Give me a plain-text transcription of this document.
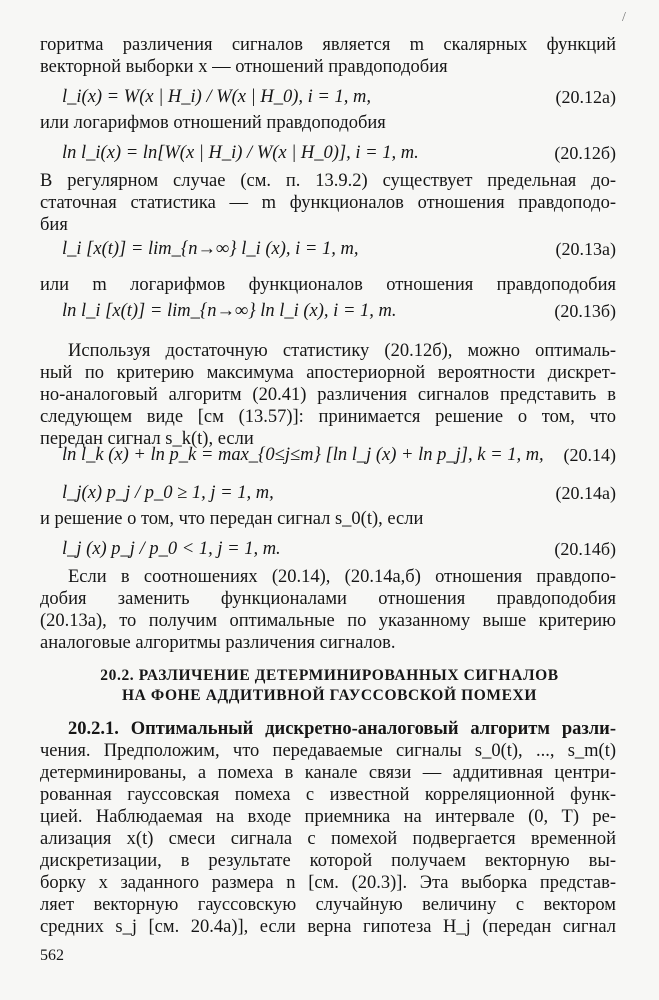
/
горитма различения сигналов является m скалярных функций
векторной выборки x — отношений правдоподобия
l_i(x) = W(x | H_i) / W(x | H_0), i = 1, m,	(20.12а)
или логарифмов отношений правдоподобия
ln l_i(x) = ln[W(x | H_i) / W(x | H_0)], i = 1, m.	(20.12б)
В регулярном случае (см. п. 13.9.2) существует предельная до-
статочная статистика — m функционалов отношения правдоподо-
бия
l_i [x(t)] = lim_{n→∞} l_i (x), i = 1, m,	(20.13а)
или m логарифмов функционалов отношения правдоподобия
ln l_i [x(t)] = lim_{n→∞} ln l_i (x), i = 1, m.	(20.13б)
Используя достаточную статистику (20.12б), можно оптималь-
ный по критерию максимума апостериорной вероятности дискрет-
но-аналоговый алгоритм (20.41) различения сигналов представить в
следующем виде [см (13.57)]: принимается решение о том, что
передан сигнал s_k(t), если
ln l_k (x) + ln p_k = max_{0≤j≤m} [ln l_j (x) + ln p_j], k = 1, m, (20.14)
l_j(x) p_j / p_0 ≥ 1, j = 1, m,	(20.14а)
и решение о том, что передан сигнал s_0(t), если
l_j (x) p_j / p_0 < 1, j = 1, m.	(20.14б)
Если в соотношениях (20.14), (20.14а,б) отношения правдопо-
добия заменить функционалами отношения правдоподобия
(20.13а), то получим оптимальные по указанному выше критерию
аналоговые алгоритмы различения сигналов.
20.2. РАЗЛИЧЕНИЕ ДЕТЕРМИНИРОВАННЫХ СИГНАЛОВ
НА ФОНЕ АДДИТИВНОЙ ГАУССОВСКОЙ ПОМЕХИ
20.2.1. Оптимальный дискретно-аналоговый алгоритм разли-
чения. Предположим, что передаваемые сигналы s_0(t), ..., s_m(t)
детерминированы, а помеха в канале связи — аддитивная центри-
рованная гауссовская помеха с известной корреляционной функ-
цией. Наблюдаемая на входе приемника на интервале (0, T) ре-
ализация x(t) смеси сигнала с помехой подвергается временной
дискретизации, в результате которой получаем векторную вы-
борку x заданного размера n [см. (20.3)]. Эта выборка представ-
ляет векторную гауссовскую случайную величину с вектором
средних s_j [см. 20.4а)], если верна гипотеза H_j (передан сигнал
562
